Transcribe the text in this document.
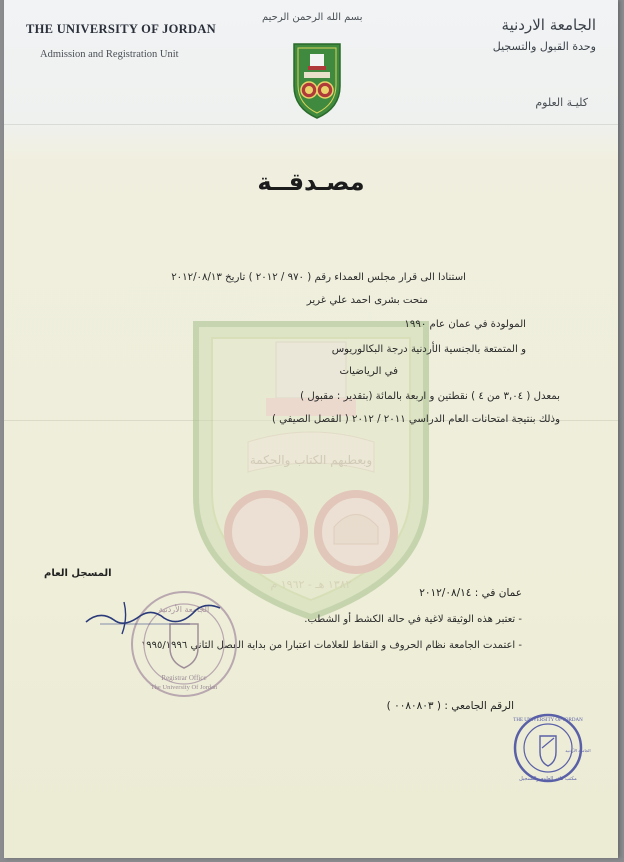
THE UNIVERSITY OF JORDAN
Admission and Registration Unit
بسم الله الرحمن الرحيم	الجامعة الاردنية
وحدة القبول والتسجيل
كليـة العلوم
وبعطيهم الكتاب والحكمة
١٣٨٢ هـ - ١٩٦٢ م
مصـدقــة
استنادا الى قرار مجلس العمداء رقم ( ٩٧٠ / ٢٠١٢ ) تاريخ ٢٠١٢/٠٨/١٣
منحت بشرى احمد علي غرير
المولودة في عمان عام ١٩٩٠
و المتمتعة بالجنسية الأردنية درجة البكالوريوس
في الرياضيات
بمعدل ( ٣,٠٤ من ٤ ) نقطتين و اربعة بالمائة (بتقدير : مقبول )
وذلك بنتيجة امتحانات العام الدراسي ٢٠١١ / ٢٠١٢ ( الفصل الصيفي )
المسجل العام
عمان في : ٢٠١٢/٠٨/١٤
- تعتبر هذه الوثيقة لاغية في حالة الكشط أو الشطب.
- اعتمدت الجامعة نظام الحروف و النقاط للعلامات اعتبارا من بداية الفصل الثاني ١٩٩٥/١٩٩٦
الجامعة الأردنية
Registrar Office
The University Of Jordan
الرقم الجامعي : ( ٠٠٨٠٨٠٣ )
THE UNIVERSITY OF JORDAN
مكتب قائم العلوم والتسجيل
الجامعة الأردنية
